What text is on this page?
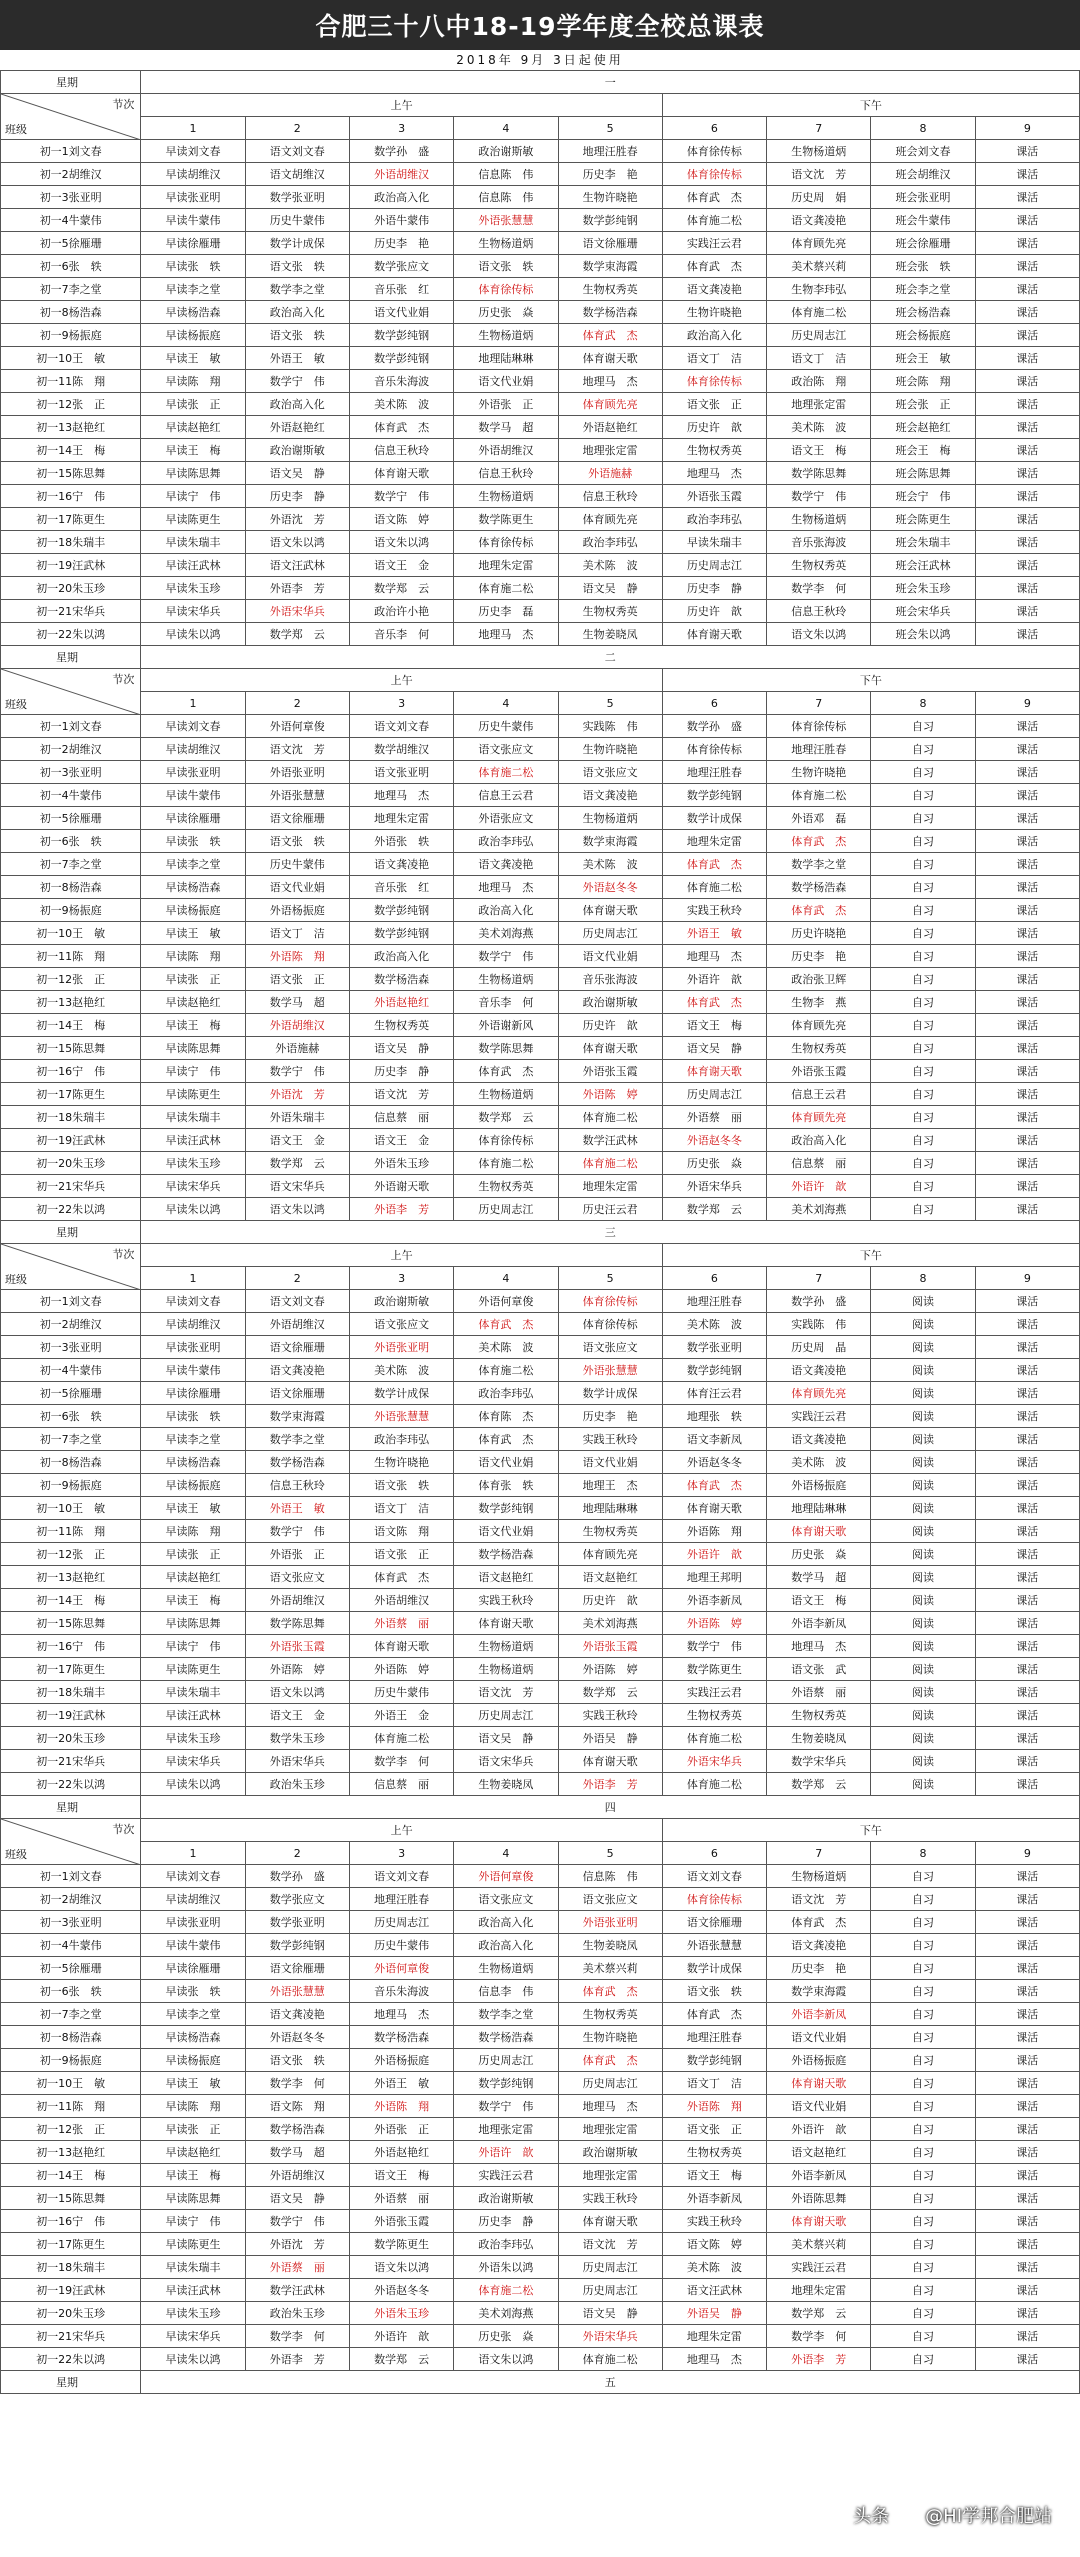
合肥三十八中18-19学年度全校总课表
2018年 9月 3日起使用
星期	一								

节次
班级	上午					下午			
	1	2	3	4	5	6	7	8	9
初一1刘文春	早读刘文春	语文刘文春	数学孙　盛	政治谢斯敏	地理汪胜春	体育徐传标	生物杨道炳	班会刘文春	课活
初一2胡维汉	早读胡维汉	语文胡维汉	外语胡维汉	信息陈　伟	历史李　艳	体育徐传标	语文沈　芳	班会胡维汉	课活
初一3张亚明	早读张亚明	数学张亚明	政治高入化	信息陈　伟	生物许晓艳	体育武　杰	历史周　娟	班会张亚明	课活
初一4牛蒙伟	早读牛蒙伟	历史牛蒙伟	外语牛蒙伟	外语张慧慧	数学彭纯钢	体育施二松	语文龚凌艳	班会牛蒙伟	课活
初一5徐雁珊	早读徐雁珊	数学计成保	历史李　艳	生物杨道炳	语文徐雁珊	实践汪云君	体育顾先亮	班会徐雁珊	课活
初一6张　轶	早读张　轶	语文张　轶	数学张应文	语文张　轶	数学束海霞	体育武　杰	美术蔡兴莉	班会张　轶	课活
初一7李之堂	早读李之堂	数学李之堂	音乐张　红	体育徐传标	生物权秀英	语文龚凌艳	生物李玮弘	班会李之堂	课活
初一8杨浩森	早读杨浩森	政治高入化	语文代业娟	历史张　焱	数学杨浩森	生物许晓艳	体育施二松	班会杨浩森	课活
初一9杨振庭	早读杨振庭	语文张　轶	数学彭纯钢	生物杨道炳	体育武　杰	政治高入化	历史周志江	班会杨振庭	课活
初一10王　敏	早读王　敏	外语王　敏	数学彭纯钢	地理陆琳琳	体育谢天歌	语文丁　洁	语文丁　洁	班会王　敏	课活
初一11陈　翔	早读陈　翔	数学宁　伟	音乐朱海波	语文代业娟	地理马　杰	体育徐传标	政治陈　翔	班会陈　翔	课活
初一12张　正	早读张　正	政治高入化	美术陈　波	外语张　正	体育顾先亮	语文张　正	地理张定雷	班会张　正	课活
初一13赵艳红	早读赵艳红	外语赵艳红	体育武　杰	数学马　超	外语赵艳红	历史许　歆	美术陈　波	班会赵艳红	课活
初一14王　梅	早读王　梅	政治谢斯敏	信息王秋玲	外语胡维汉	地理张定雷	生物权秀英	语文王　梅	班会王　梅	课活
初一15陈思舞	早读陈思舞	语文吴　静	体育谢天歌	信息王秋玲	外语施赫	地理马　杰	数学陈思舞	班会陈思舞	课活
初一16宁　伟	早读宁　伟	历史李　静	数学宁　伟	生物杨道炳	信息王秋玲	外语张玉霞	数学宁　伟	班会宁　伟	课活
初一17陈更生	早读陈更生	外语沈　芳	语文陈　婷	数学陈更生	体育顾先亮	政治李玮弘	生物杨道炳	班会陈更生	课活
初一18朱瑞丰	早读朱瑞丰	语文朱以鸿	语文朱以鸿	体育徐传标	政治李玮弘	早读朱瑞丰	音乐张海波	班会朱瑞丰	课活
初一19汪武林	早读汪武林	语文汪武林	语文王　金	地理朱定雷	美术陈　波	历史周志江	生物权秀英	班会汪武林	课活
初一20朱玉珍	早读朱玉珍	外语李　芳	数学郑　云	体育施二松	语文吴　静	历史李　静	数学李　何	班会朱玉珍	课活
初一21宋华兵	早读宋华兵	外语宋华兵	政治许小艳	历史李　磊	生物权秀英	历史许　歆	信息王秋玲	班会宋华兵	课活
初一22朱以鸿	早读朱以鸿	数学郑　云	音乐李　何	地理马　杰	生物姜晓凤	体育谢天歌	语文朱以鸿	班会朱以鸿	课活
星期	二								

节次
班级	上午					下午			
	1	2	3	4	5	6	7	8	9
初一1刘文春	早读刘文春	外语何章俊	语文刘文春	历史牛蒙伟	实践陈　伟	数学孙　盛	体育徐传标	自习	课活
初一2胡维汉	早读胡维汉	语文沈　芳	数学胡维汉	语文张应文	生物许晓艳	体育徐传标	地理汪胜春	自习	课活
初一3张亚明	早读张亚明	外语张亚明	语文张亚明	体育施二松	语文张应文	地理汪胜春	生物许晓艳	自习	课活
初一4牛蒙伟	早读牛蒙伟	外语张慧慧	地理马　杰	信息王云君	语文龚凌艳	数学彭纯钢	体育施二松	自习	课活
初一5徐雁珊	早读徐雁珊	语文徐雁珊	地理朱定雷	外语张应文	生物杨道炳	数学计成保	外语邓　磊	自习	课活
初一6张　轶	早读张　轶	语文张　轶	外语张　轶	政治李玮弘	数学束海霞	地理朱定雷	体育武　杰	自习	课活
初一7李之堂	早读李之堂	历史牛蒙伟	语文龚凌艳	语文龚凌艳	美术陈　波	体育武　杰	数学李之堂	自习	课活
初一8杨浩森	早读杨浩森	语文代业娟	音乐张　红	地理马　杰	外语赵冬冬	体育施二松	数学杨浩森	自习	课活
初一9杨振庭	早读杨振庭	外语杨振庭	数学彭纯钢	政治高入化	体育谢天歌	实践王秋玲	体育武　杰	自习	课活
初一10王　敏	早读王　敏	语文丁　洁	数学彭纯钢	美术刘海燕	历史周志江	外语王　敏	历史许晓艳	自习	课活
初一11陈　翔	早读陈　翔	外语陈　翔	政治高入化	数学宁　伟	语文代业娟	地理马　杰	历史李　艳	自习	课活
初一12张　正	早读张　正	语文张　正	数学杨浩森	生物杨道炳	音乐张海波	外语许　歆	政治张卫辉	自习	课活
初一13赵艳红	早读赵艳红	数学马　超	外语赵艳红	音乐李　何	政治谢斯敏	体育武　杰	生物李　燕	自习	课活
初一14王　梅	早读王　梅	外语胡维汉	生物权秀英	外语谢新风	历史许　歆	语文王　梅	体育顾先亮	自习	课活
初一15陈思舞	早读陈思舞	外语施赫	语文吴　静	数学陈思舞	体育谢天歌	语文吴　静	生物权秀英	自习	课活
初一16宁　伟	早读宁　伟	数学宁　伟	历史李　静	体育武　杰	外语张玉霞	体育谢天歌	外语张玉霞	自习	课活
初一17陈更生	早读陈更生	外语沈　芳	语文沈　芳	生物杨道炳	外语陈　婷	历史周志江	信息王云君	自习	课活
初一18朱瑞丰	早读朱瑞丰	外语朱瑞丰	信息蔡　丽	数学郑　云	体育施二松	外语蔡　丽	体育顾先亮	自习	课活
初一19汪武林	早读汪武林	语文王　金	语文王　金	体育徐传标	数学汪武林	外语赵冬冬	政治高入化	自习	课活
初一20朱玉珍	早读朱玉珍	数学郑　云	外语朱玉珍	体育施二松	体育施二松	历史张　焱	信息蔡　丽	自习	课活
初一21宋华兵	早读宋华兵	语文宋华兵	外语谢天歌	生物权秀英	地理朱定雷	外语宋华兵	外语许　歆	自习	课活
初一22朱以鸿	早读朱以鸿	语文朱以鸿	外语李　芳	历史周志江	历史汪云君	数学郑　云	美术刘海燕	自习	课活
星期	三								

节次
班级	上午					下午			
	1	2	3	4	5	6	7	8	9
初一1刘文春	早读刘文春	语文刘文春	政治谢斯敏	外语何章俊	体育徐传标	地理汪胜春	数学孙　盛	阅读	课活
初一2胡维汉	早读胡维汉	外语胡维汉	语文张应文	体育武　杰	体育徐传标	美术陈　波	实践陈　伟	阅读	课活
初一3张亚明	早读张亚明	语文徐雁珊	外语张亚明	美术陈　波	语文张应文	数学张亚明	历史周　晶	阅读	课活
初一4牛蒙伟	早读牛蒙伟	语文龚凌艳	美术陈　波	体育施二松	外语张慧慧	数学彭纯钢	语文龚凌艳	阅读	课活
初一5徐雁珊	早读徐雁珊	语文徐雁珊	数学计成保	政治李玮弘	数学计成保	体育汪云君	体育顾先亮	阅读	课活
初一6张　轶	早读张　轶	数学束海霞	外语张慧慧	体育陈　杰	历史李　艳	地理张　轶	实践汪云君	阅读	课活
初一7李之堂	早读李之堂	数学李之堂	政治李玮弘	体育武　杰	实践王秋玲	语文李新凤	语文龚凌艳	阅读	课活
初一8杨浩森	早读杨浩森	数学杨浩森	生物许晓艳	语文代业娟	语文代业娟	外语赵冬冬	美术陈　波	阅读	课活
初一9杨振庭	早读杨振庭	信息王秋玲	语文张　轶	体育张　轶	地理王　杰	体育武　杰	外语杨振庭	阅读	课活
初一10王　敏	早读王　敏	外语王　敏	语文丁　洁	数学彭纯钢	地理陆琳琳	体育谢天歌	地理陆琳琳	阅读	课活
初一11陈　翔	早读陈　翔	数学宁　伟	语文陈　翔	语文代业娟	生物权秀英	外语陈　翔	体育谢天歌	阅读	课活
初一12张　正	早读张　正	外语张　正	语文张　正	数学杨浩森	体育顾先亮	外语许　歆	历史张　焱	阅读	课活
初一13赵艳红	早读赵艳红	语文张应文	体育武　杰	语文赵艳红	语文赵艳红	地理王邦明	数学马　超	阅读	课活
初一14王　梅	早读王　梅	外语胡维汉	外语胡维汉	实践王秋玲	历史许　歆	外语李新凤	语文王　梅	阅读	课活
初一15陈思舞	早读陈思舞	数学陈思舞	外语蔡　丽	体育谢天歌	美术刘海燕	外语陈　婷	外语李新凤	阅读	课活
初一16宁　伟	早读宁　伟	外语张玉霞	体育谢天歌	生物杨道炳	外语张玉霞	数学宁　伟	地理马　杰	阅读	课活
初一17陈更生	早读陈更生	外语陈　婷	外语陈　婷	生物杨道炳	外语陈　婷	数学陈更生	语文张　武	阅读	课活
初一18朱瑞丰	早读朱瑞丰	语文朱以鸿	历史牛蒙伟	语文沈　芳	数学郑　云	实践汪云君	外语蔡　丽	阅读	课活
初一19汪武林	早读汪武林	语文王　金	外语王　金	历史周志江	实践王秋玲	生物权秀英	生物权秀英	阅读	课活
初一20朱玉珍	早读朱玉珍	数学朱玉珍	体育施二松	语文吴　静	外语吴　静	体育施二松	生物姜晓凤	阅读	课活
初一21宋华兵	早读宋华兵	外语宋华兵	数学李　何	语文宋华兵	体育谢天歌	外语宋华兵	数学宋华兵	阅读	课活
初一22朱以鸿	早读朱以鸿	政治朱玉珍	信息蔡　丽	生物姜晓凤	外语李　芳	体育施二松	数学郑　云	阅读	课活
星期	四								

节次
班级	上午					下午			
	1	2	3	4	5	6	7	8	9
初一1刘文春	早读刘文春	数学孙　盛	语文刘文春	外语何章俊	信息陈　伟	语文刘文春	生物杨道炳	自习	课活
初一2胡维汉	早读胡维汉	数学张应文	地理汪胜春	语文张应文	语文张应文	体育徐传标	语文沈　芳	自习	课活
初一3张亚明	早读张亚明	数学张亚明	历史周志江	政治高入化	外语张亚明	语文徐雁珊	体育武　杰	自习	课活
初一4牛蒙伟	早读牛蒙伟	数学彭纯钢	历史牛蒙伟	政治高入化	生物姜晓凤	外语张慧慧	语文龚凌艳	自习	课活
初一5徐雁珊	早读徐雁珊	语文徐雁珊	外语何章俊	生物杨道炳	美术蔡兴莉	数学计成保	历史李　艳	自习	课活
初一6张　轶	早读张　轶	外语张慧慧	音乐朱海波	信息李　伟	体育武　杰	语文张　轶	数学束海霞	自习	课活
初一7李之堂	早读李之堂	语文龚凌艳	地理马　杰	数学李之堂	生物权秀英	体育武　杰	外语李新凤	自习	课活
初一8杨浩森	早读杨浩森	外语赵冬冬	数学杨浩森	数学杨浩森	生物许晓艳	地理汪胜春	语文代业娟	自习	课活
初一9杨振庭	早读杨振庭	语文张　轶	外语杨振庭	历史周志江	体育武　杰	数学彭纯钢	外语杨振庭	自习	课活
初一10王　敏	早读王　敏	数学李　何	外语王　敏	数学彭纯钢	历史周志江	语文丁　洁	体育谢天歌	自习	课活
初一11陈　翔	早读陈　翔	语文陈　翔	外语陈　翔	数学宁　伟	地理马　杰	外语陈　翔	语文代业娟	自习	课活
初一12张　正	早读张　正	数学杨浩森	外语张　正	地理张定雷	地理张定雷	语文张　正	外语许　歆	自习	课活
初一13赵艳红	早读赵艳红	数学马　超	外语赵艳红	外语许　歆	政治谢斯敏	生物权秀英	语文赵艳红	自习	课活
初一14王　梅	早读王　梅	外语胡维汉	语文王　梅	实践汪云君	地理张定雷	语文王　梅	外语李新凤	自习	课活
初一15陈思舞	早读陈思舞	语文吴　静	外语蔡　丽	政治谢斯敏	实践王秋玲	外语李新凤	外语陈思舞	自习	课活
初一16宁　伟	早读宁　伟	数学宁　伟	外语张玉霞	历史李　静	体育谢天歌	实践王秋玲	体育谢天歌	自习	课活
初一17陈更生	早读陈更生	外语沈　芳	数学陈更生	政治李玮弘	语文沈　芳	语文陈　婷	美术蔡兴莉	自习	课活
初一18朱瑞丰	早读朱瑞丰	外语蔡　丽	语文朱以鸿	外语朱以鸿	历史周志江	美术陈　波	实践汪云君	自习	课活
初一19汪武林	早读汪武林	数学汪武林	外语赵冬冬	体育施二松	历史周志江	语文汪武林	地理朱定雷	自习	课活
初一20朱玉珍	早读朱玉珍	政治朱玉珍	外语朱玉珍	美术刘海燕	语文吴　静	外语吴　静	数学郑　云	自习	课活
初一21宋华兵	早读宋华兵	数学李　何	外语许　歆	历史张　焱	外语宋华兵	地理朱定雷	数学李　何	自习	课活
初一22朱以鸿	早读朱以鸿	外语李　芳	数学郑　云	语文朱以鸿	体育施二松	地理马　杰	外语李　芳	自习	课活
星期	五								
头条 @HI学邦合肥站
